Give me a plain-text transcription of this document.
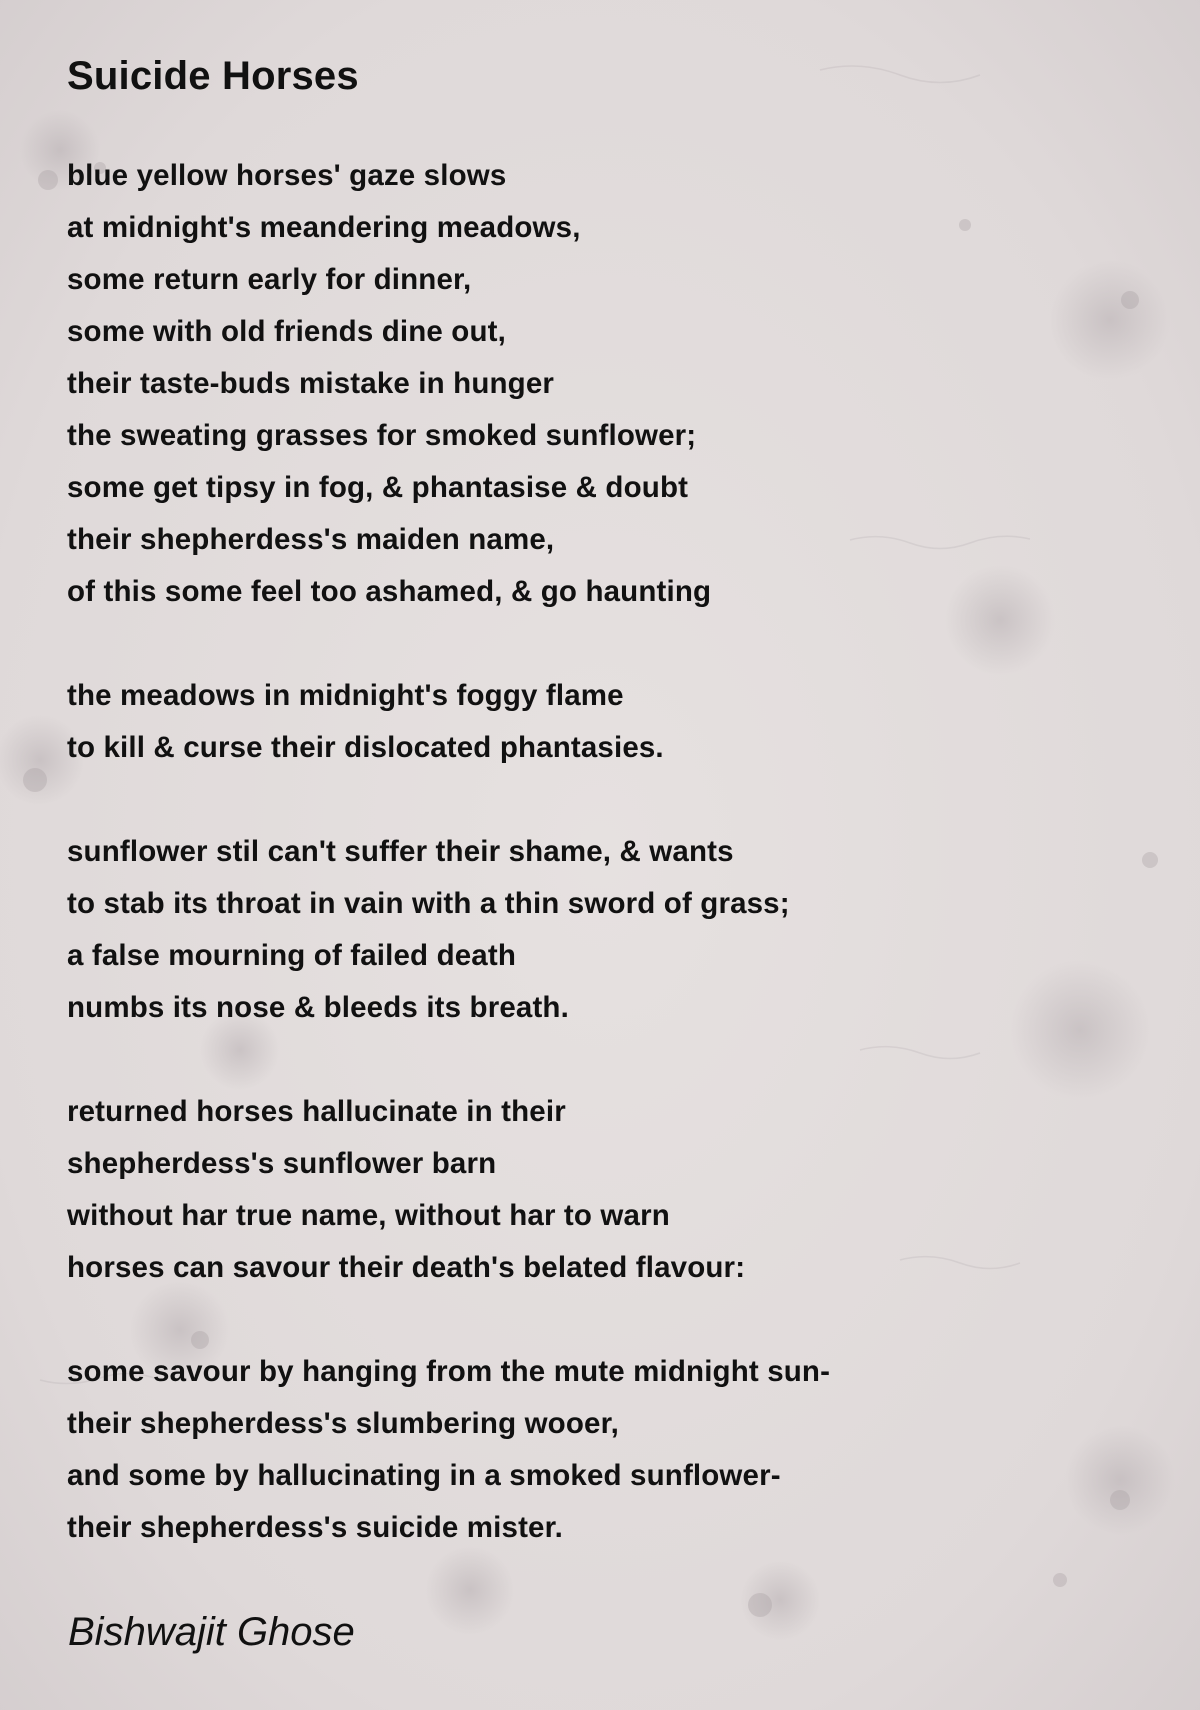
Suicide Horses
blue yellow horses' gaze slows
at midnight's meandering meadows,
some return early for dinner,
some with old friends dine out,
their taste-buds mistake in hunger
the sweating grasses for smoked sunflower;
some get tipsy in fog, & phantasise & doubt
their shepherdess's maiden name,
of this some feel too ashamed, & go haunting
the meadows in midnight's foggy flame
to kill & curse their dislocated phantasies.
sunflower stil can't suffer their shame, & wants
to stab its throat in vain with a thin sword of grass;
a false mourning of failed death
numbs its nose & bleeds its breath.
returned horses hallucinate in their
shepherdess's sunflower barn
without har true name, without har to warn
horses can savour their death's belated flavour:
some savour by hanging from the mute midnight sun-
their shepherdess's slumbering wooer,
and some by hallucinating in a smoked sunflower-
their shepherdess's suicide mister.
Bishwajit Ghose
